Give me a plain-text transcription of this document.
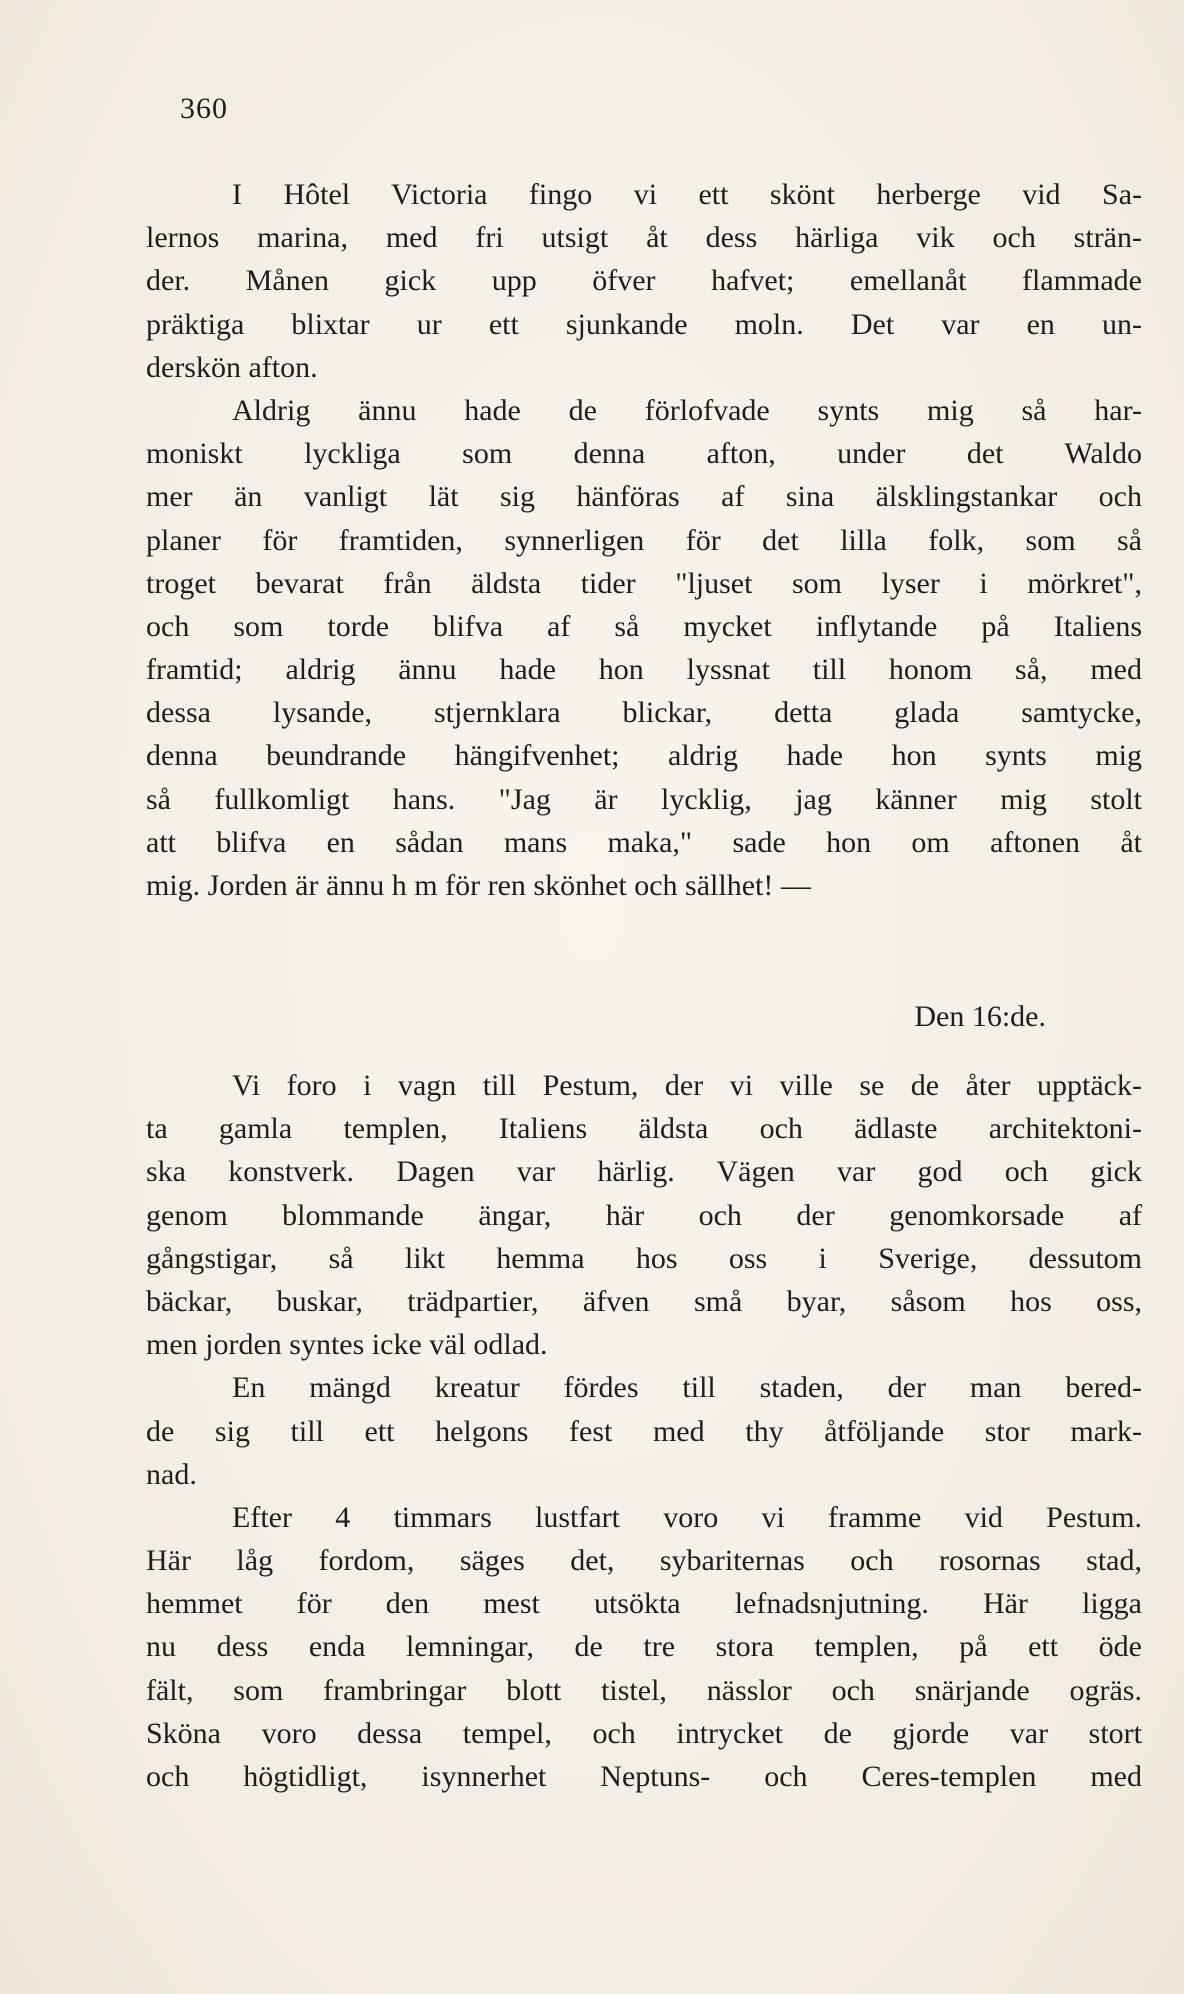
360
I Hôtel Victoria fingo vi ett skönt herberge vid Sa-
lernos marina, med fri utsigt åt dess härliga vik och strän-
der. Månen gick upp öfver hafvet; emellanåt flammade
präktiga blixtar ur ett sjunkande moln. Det var en un-
derskön afton.
Aldrig ännu hade de förlofvade synts mig så har-
moniskt lyckliga som denna afton, under det Waldo
mer än vanligt lät sig hänföras af sina älsklingstankar och
planer för framtiden, synnerligen för det lilla folk, som så
troget bevarat från äldsta tider "ljuset som lyser i mörkret",
och som torde blifva af så mycket inflytande på Italiens
framtid; aldrig ännu hade hon lyssnat till honom så, med
dessa lysande, stjernklara blickar, detta glada samtycke,
denna beundrande hängifvenhet; aldrig hade hon synts mig
så fullkomligt hans. "Jag är lycklig, jag känner mig stolt
att blifva en sådan mans maka," sade hon om aftonen åt
mig. Jorden är ännu h m för ren skönhet och sällhet! —
Den 16:de.
Vi foro i vagn till Pestum, der vi ville se de åter upptäck-
ta gamla templen, Italiens äldsta och ädlaste architektoni-
ska konstverk. Dagen var härlig. Vägen var god och gick
genom blommande ängar, här och der genomkorsade af
gångstigar, så likt hemma hos oss i Sverige, dessutom
bäckar, buskar, trädpartier, äfven små byar, såsom hos oss,
men jorden syntes icke väl odlad.
En mängd kreatur fördes till staden, der man bered-
de sig till ett helgons fest med thy åtföljande stor mark-
nad.
Efter 4 timmars lustfart voro vi framme vid Pestum.
Här låg fordom, säges det, sybariternas och rosornas stad,
hemmet för den mest utsökta lefnadsnjutning. Här ligga
nu dess enda lemningar, de tre stora templen, på ett öde
fält, som frambringar blott tistel, nässlor och snärjande ogräs.
Sköna voro dessa tempel, och intrycket de gjorde var stort
och högtidligt, isynnerhet Neptuns- och Ceres-templen med
